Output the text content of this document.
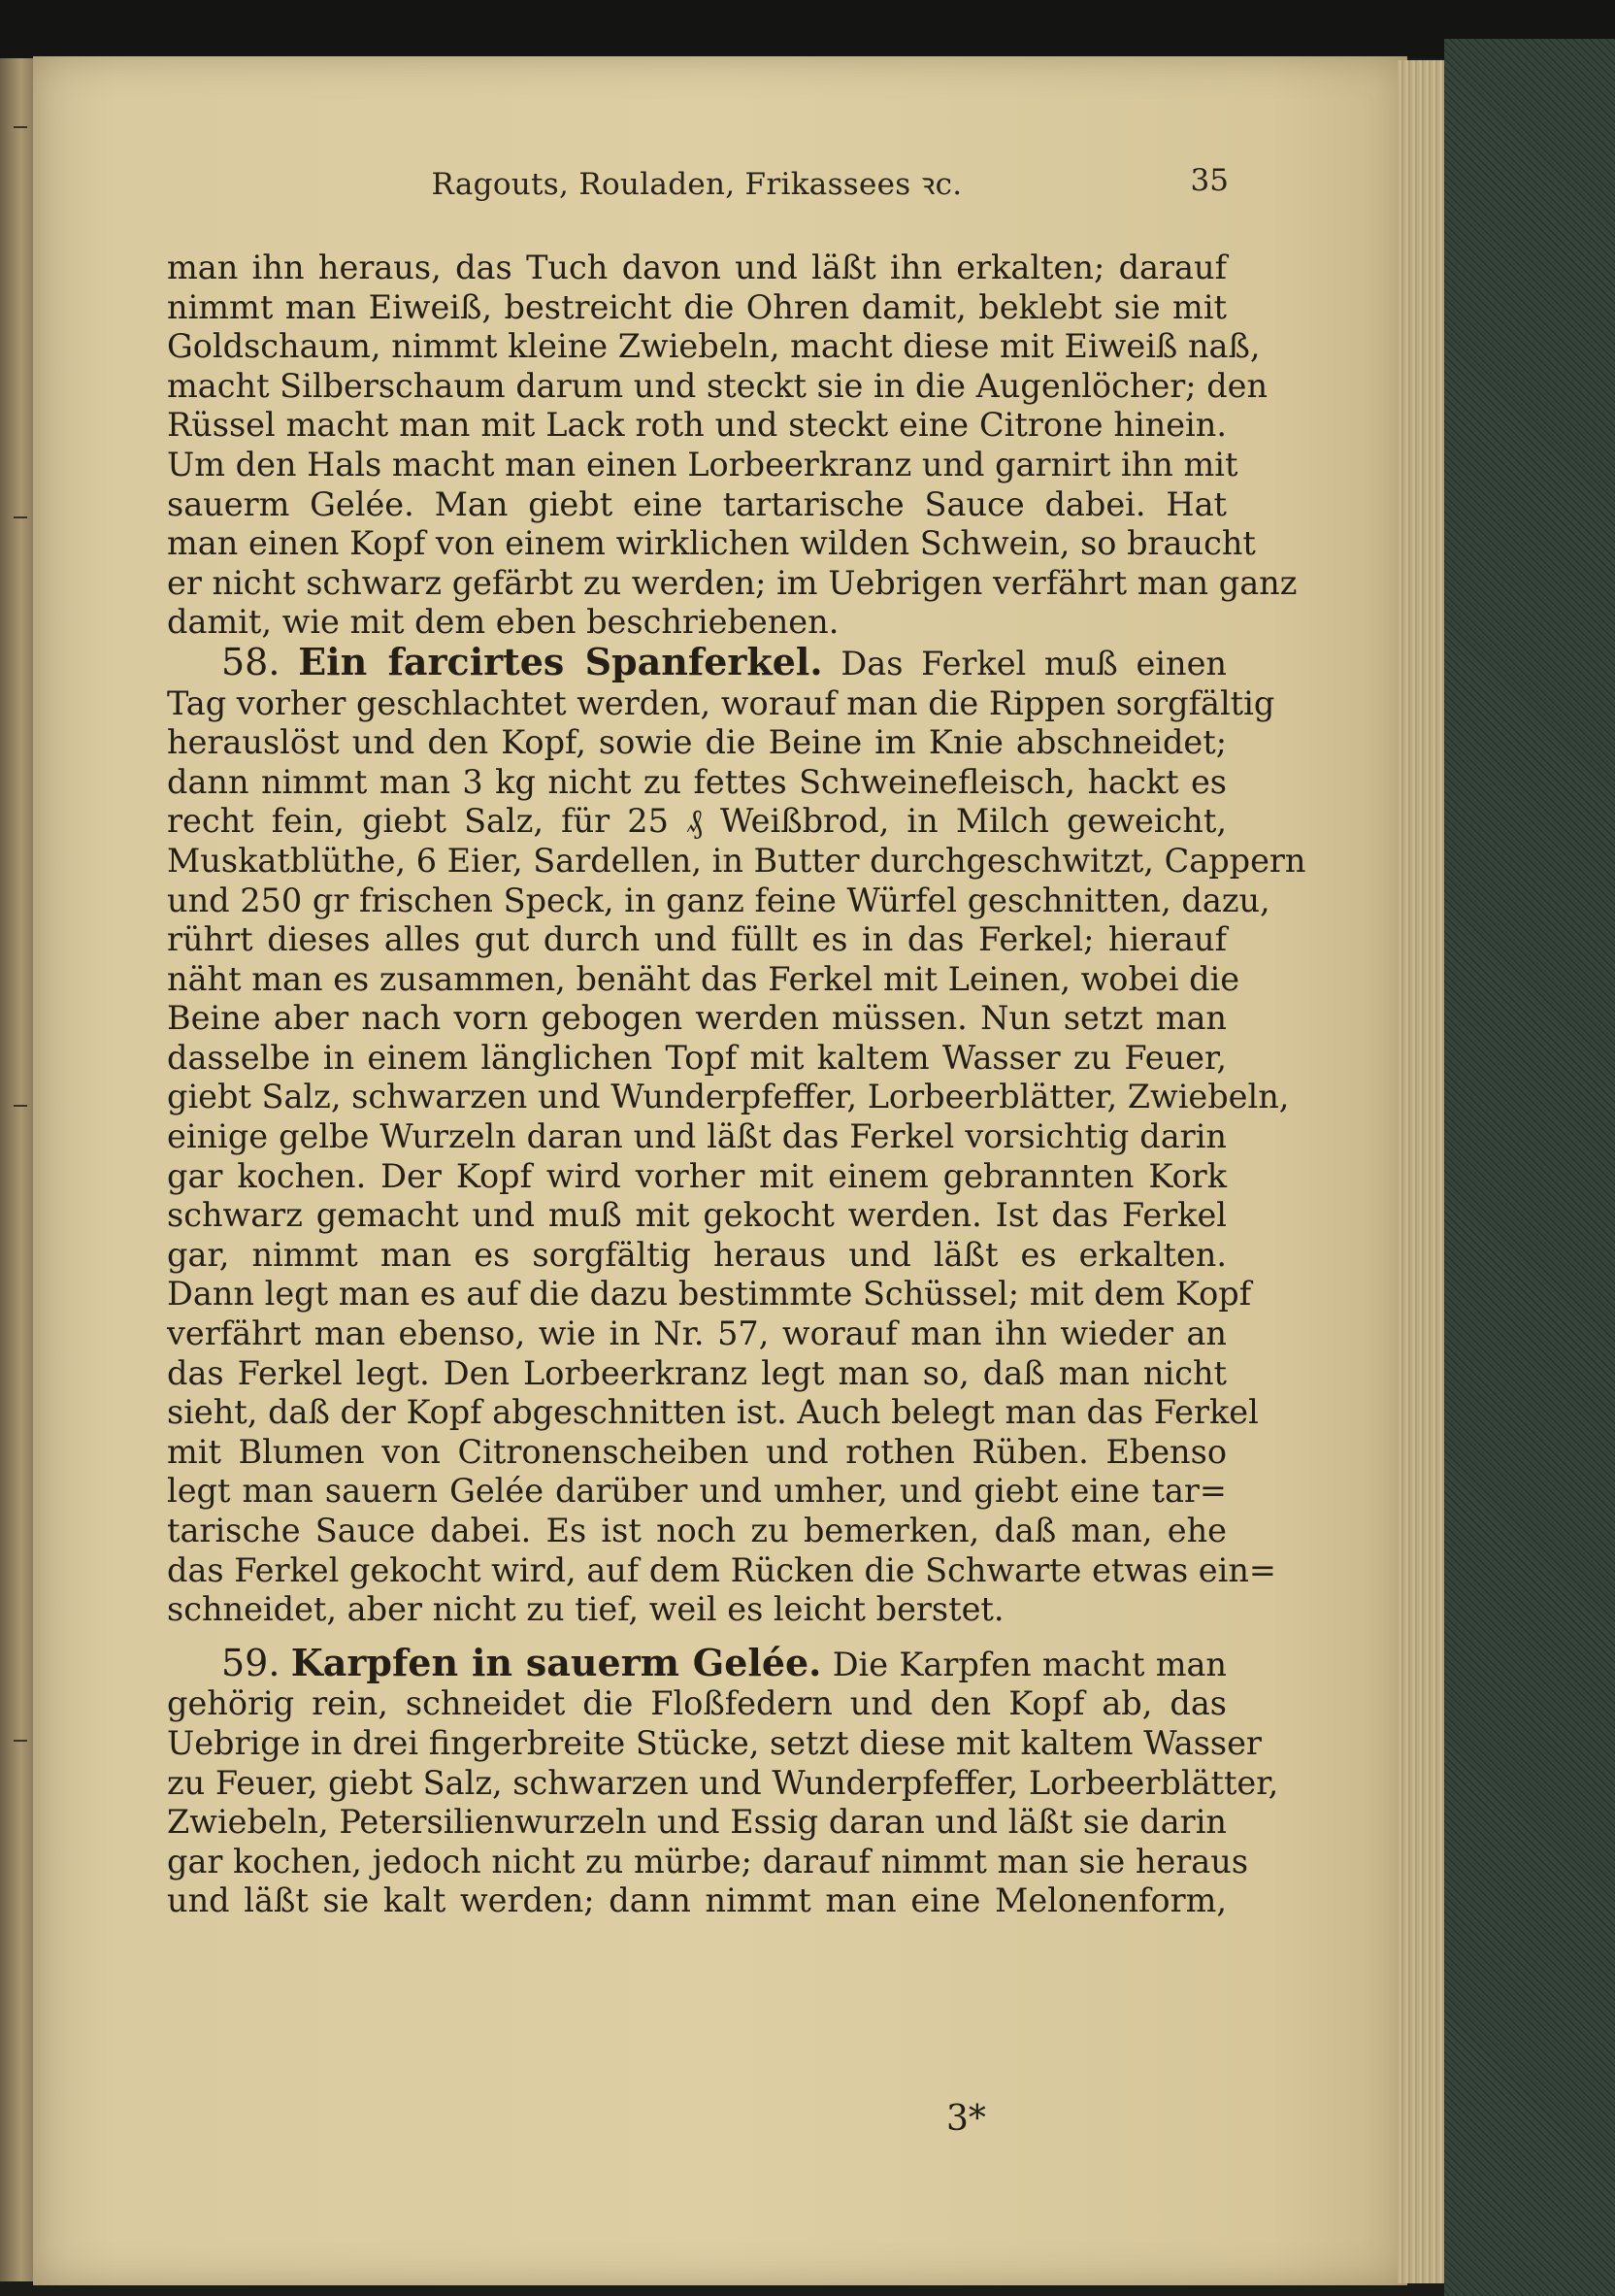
Ragouts, Rouladen, Frikassees ꝛc.	35
man ihn heraus, das Tuch davon und läßt ihn erkalten; darauf
nimmt man Eiweiß, bestreicht die Ohren damit, beklebt sie mit
Goldschaum, nimmt kleine Zwiebeln, macht diese mit Eiweiß naß,
macht Silberschaum darum und steckt sie in die Augenlöcher; den
Rüssel macht man mit Lack roth und steckt eine Citrone hinein.
Um den Hals macht man einen Lorbeerkranz und garnirt ihn mit
sauerm Gelée. Man giebt eine tartarische Sauce dabei. Hat
man einen Kopf von einem wirklichen wilden Schwein, so braucht
er nicht schwarz gefärbt zu werden; im Uebrigen verfährt man ganz
damit, wie mit dem eben beschriebenen.
58. Ein farcirtes Spanferkel. Das Ferkel muß einen
Tag vorher geschlachtet werden, worauf man die Rippen sorgfältig
herauslöst und den Kopf, sowie die Beine im Knie abschneidet;
dann nimmt man 3 kg nicht zu fettes Schweinefleisch, hackt es
recht fein, giebt Salz, für 25 ₰ Weißbrod, in Milch geweicht,
Muskatblüthe, 6 Eier, Sardellen, in Butter durchgeschwitzt, Cappern
und 250 gr frischen Speck, in ganz feine Würfel geschnitten, dazu,
rührt dieses alles gut durch und füllt es in das Ferkel; hierauf
näht man es zusammen, benäht das Ferkel mit Leinen, wobei die
Beine aber nach vorn gebogen werden müssen. Nun setzt man
dasselbe in einem länglichen Topf mit kaltem Wasser zu Feuer,
giebt Salz, schwarzen und Wunderpfeffer, Lorbeerblätter, Zwiebeln,
einige gelbe Wurzeln daran und läßt das Ferkel vorsichtig darin
gar kochen. Der Kopf wird vorher mit einem gebrannten Kork
schwarz gemacht und muß mit gekocht werden. Ist das Ferkel
gar, nimmt man es sorgfältig heraus und läßt es erkalten.
Dann legt man es auf die dazu bestimmte Schüssel; mit dem Kopf
verfährt man ebenso, wie in Nr. 57, worauf man ihn wieder an
das Ferkel legt. Den Lorbeerkranz legt man so, daß man nicht
sieht, daß der Kopf abgeschnitten ist. Auch belegt man das Ferkel
mit Blumen von Citronenscheiben und rothen Rüben. Ebenso
legt man sauern Gelée darüber und umher, und giebt eine tar=
tarische Sauce dabei. Es ist noch zu bemerken, daß man, ehe
das Ferkel gekocht wird, auf dem Rücken die Schwarte etwas ein=
schneidet, aber nicht zu tief, weil es leicht berstet.
59. Karpfen in sauerm Gelée. Die Karpfen macht man
gehörig rein, schneidet die Floßfedern und den Kopf ab, das
Uebrige in drei fingerbreite Stücke, setzt diese mit kaltem Wasser
zu Feuer, giebt Salz, schwarzen und Wunderpfeffer, Lorbeerblätter,
Zwiebeln, Petersilienwurzeln und Essig daran und läßt sie darin
gar kochen, jedoch nicht zu mürbe; darauf nimmt man sie heraus
und läßt sie kalt werden; dann nimmt man eine Melonenform,
3*
